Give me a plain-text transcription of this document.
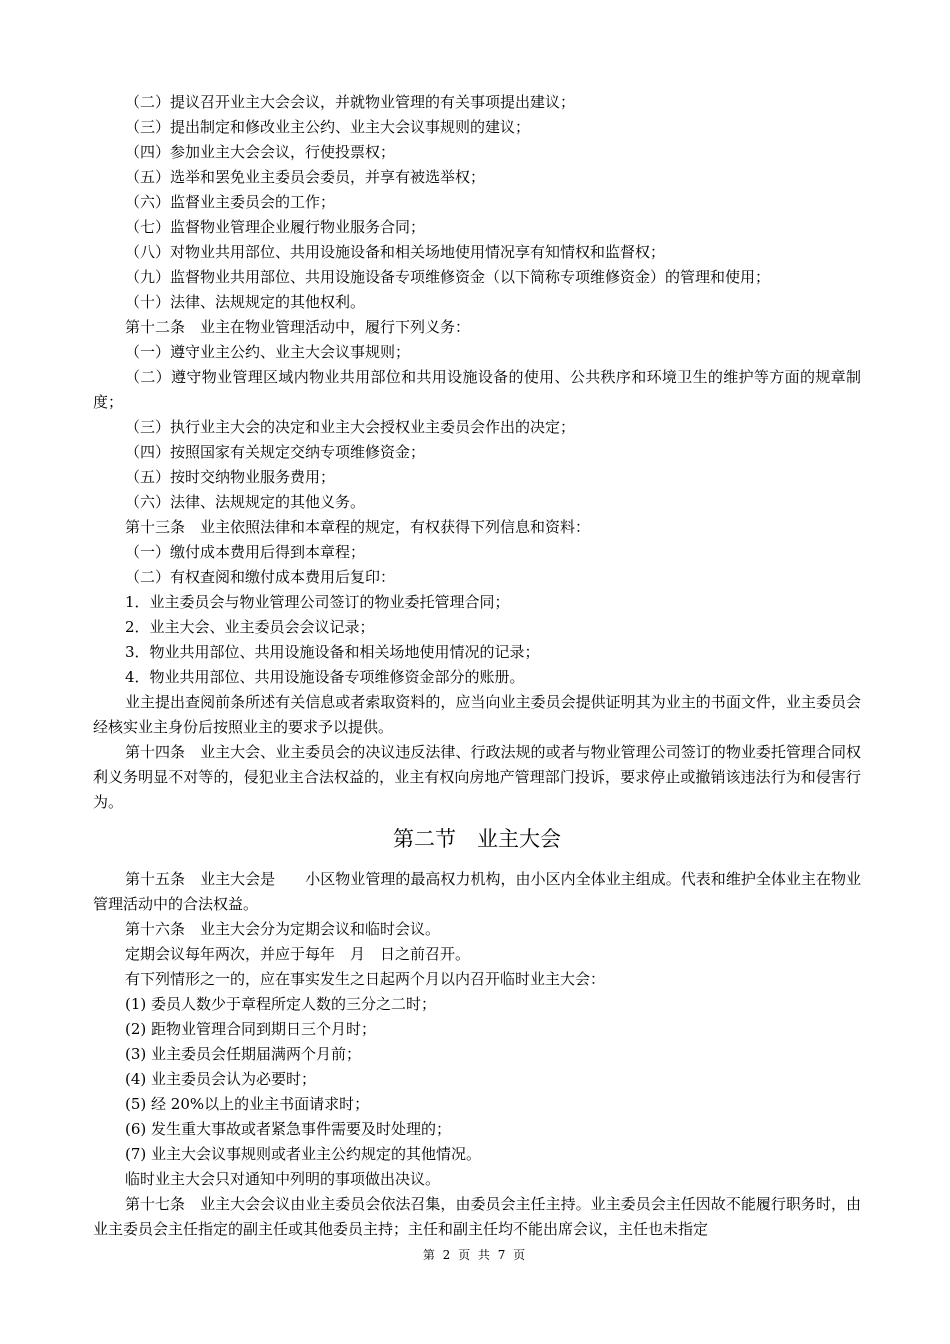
（二）提议召开业主大会会议，并就物业管理的有关事项提出建议；
（三）提出制定和修改业主公约、业主大会议事规则的建议；
（四）参加业主大会会议，行使投票权；
（五）选举和罢免业主委员会委员，并享有被选举权；
（六）监督业主委员会的工作；
（七）监督物业管理企业履行物业服务合同；
（八）对物业共用部位、共用设施设备和相关场地使用情况享有知情权和监督权；
（九）监督物业共用部位、共用设施设备专项维修资金（以下简称专项维修资金）的管理和使用；
（十）法律、法规规定的其他权利。
第十二条　业主在物业管理活动中，履行下列义务：
（一）遵守业主公约、业主大会议事规则；
（二）遵守物业管理区域内物业共用部位和共用设施设备的使用、公共秩序和环境卫生的维护等方面的规章制度；
（三）执行业主大会的决定和业主大会授权业主委员会作出的决定；
（四）按照国家有关规定交纳专项维修资金；
（五）按时交纳物业服务费用；
（六）法律、法规规定的其他义务。
第十三条　业主依照法律和本章程的规定，有权获得下列信息和资料：
（一）缴付成本费用后得到本章程；
（二）有权查阅和缴付成本费用后复印：
1．业主委员会与物业管理公司签订的物业委托管理合同；
2．业主大会、业主委员会会议记录；
3．物业共用部位、共用设施设备和相关场地使用情况的记录；
4．物业共用部位、共用设施设备专项维修资金部分的账册。
业主提出查阅前条所述有关信息或者索取资料的，应当向业主委员会提供证明其为业主的书面文件，业主委员会经核实业主身份后按照业主的要求予以提供。
第十四条　业主大会、业主委员会的决议违反法律、行政法规的或者与物业管理公司签订的物业委托管理合同权利义务明显不对等的，侵犯业主合法权益的，业主有权向房地产管理部门投诉，要求停止或撤销该违法行为和侵害行为。
第二节　业主大会
第十五条　业主大会是　　小区物业管理的最高权力机构，由小区内全体业主组成。代表和维护全体业主在物业管理活动中的合法权益。
第十六条　业主大会分为定期会议和临时会议。
定期会议每年两次，并应于每年　月　日之前召开。
有下列情形之一的，应在事实发生之日起两个月以内召开临时业主大会：
(1) 委员人数少于章程所定人数的三分之二时；
(2) 距物业管理合同到期日三个月时；
(3) 业主委员会任期届满两个月前；
(4) 业主委员会认为必要时；
(5) 经 20%以上的业主书面请求时；
(6) 发生重大事故或者紧急事件需要及时处理的；
(7) 业主大会议事规则或者业主公约规定的其他情况。
临时业主大会只对通知中列明的事项做出决议。
第十七条　业主大会会议由业主委员会依法召集，由委员会主任主持。业主委员会主任因故不能履行职务时，由业主委员会主任指定的副主任或其他委员主持；主任和副主任均不能出席会议，主任也未指定
第 2 页 共 7 页
